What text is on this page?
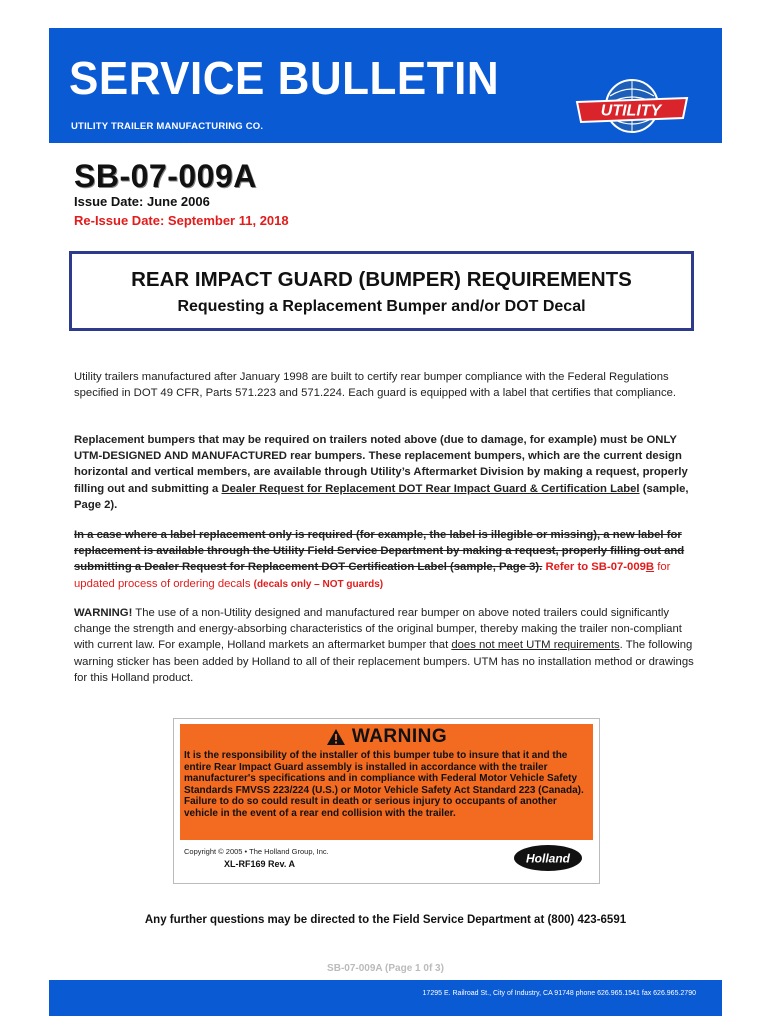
SERVICE BULLETIN
UTILITY TRAILER MANUFACTURING CO.
UTILITY
SB-07-009A
Issue Date: June 2006
Re-Issue Date: September 11, 2018
REAR IMPACT GUARD (BUMPER) REQUIREMENTS
Requesting a Replacement Bumper and/or DOT Decal
Utility trailers manufactured after January 1998 are built to certify rear bumper compliance with the Federal Regulations specified in DOT 49 CFR, Parts 571.223 and 571.224. Each guard is equipped with a label that certifies that compliance.
Replacement bumpers that may be required on trailers noted above (due to damage, for example) must be ONLY UTM-DESIGNED AND MANUFACTURED rear bumpers. These replacement bumpers, which are the current design horizontal and vertical members, are available through Utility’s Aftermarket Division by making a request, properly filling out and submitting a Dealer Request for Replacement DOT Rear Impact Guard & Certification Label (sample, Page 2).
In a case where a label replacement only is required (for example, the label is illegible or missing), a new label for replacement is available through the Utility Field Service Department by making a request, properly filling out and submitting a Dealer Request for Replacement DOT Certification Label (sample, Page 3). Refer to SB-07-009B for updated process of ordering decals (decals only – NOT guards)
WARNING! The use of a non-Utility designed and manufactured rear bumper on above noted trailers could significantly change the strength and energy-absorbing characteristics of the original bumper, thereby making the trailer non-compliant with current law. For example, Holland markets an aftermarket bumper that does not meet UTM requirements. The following warning sticker has been added by Holland to all of their replacement bumpers. UTM has no installation method or drawings for this Holland product.
WARNING
It is the responsibility of the installer of this bumper tube to insure that it and the entire Rear Impact Guard assembly is installed in accordance with the trailer manufacturer's specifications and in compliance with Federal Motor Vehicle Safety Standards FMVSS 223/224 (U.S.) or Motor Vehicle Safety Act Standard 223 (Canada). Failure to do so could result in death or serious injury to occupants of another vehicle in the event of a rear end collision with the trailer.
Copyright © 2005 • The Holland Group, Inc.
XL-RF169 Rev. A	Holland
Any further questions may be directed to the Field Service Department at (800) 423-6591
SB-07-009A (Page 1 0f 3)
17295 E. Railroad St., City of Industry, CA 91748 phone 626.965.1541 fax 626.965.2790
